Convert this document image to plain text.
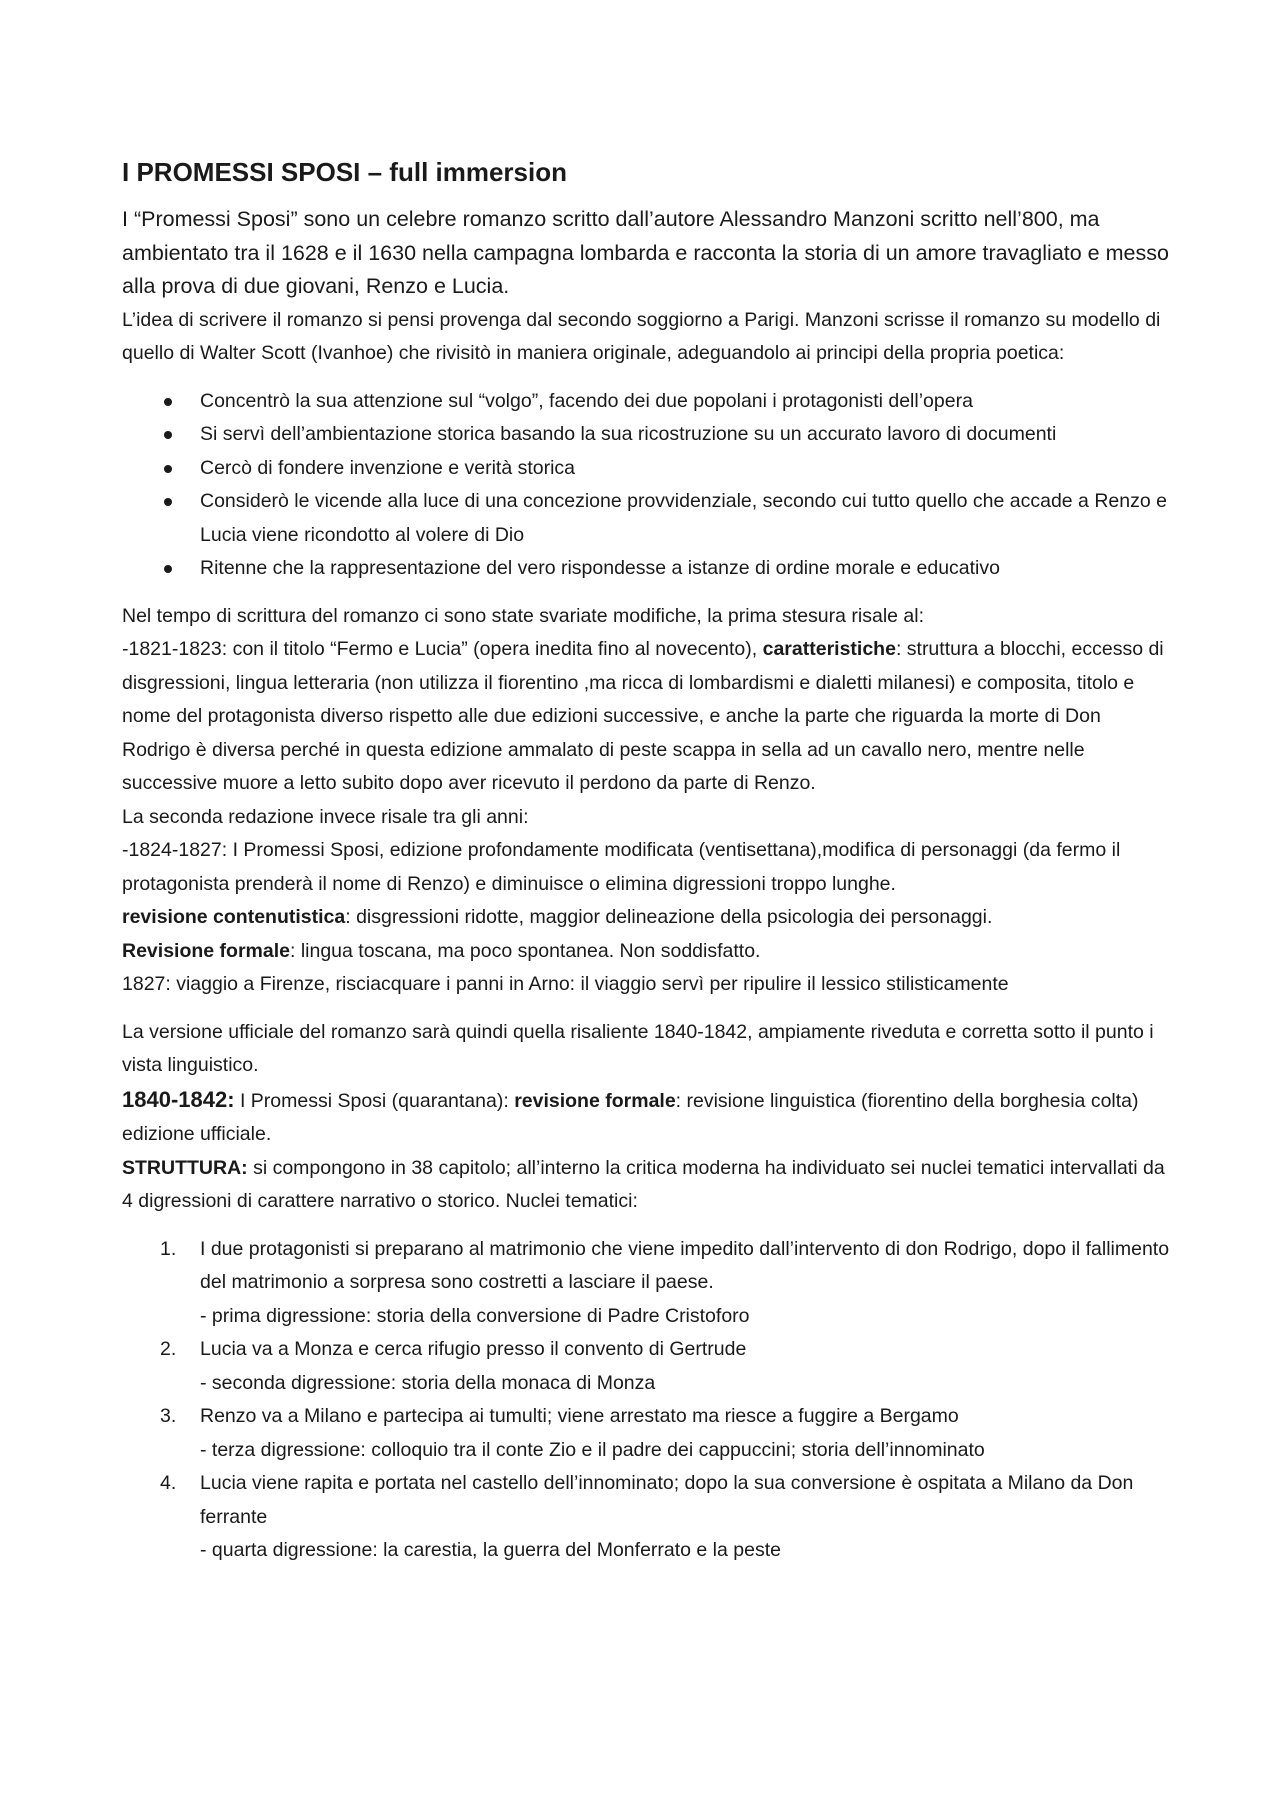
I PROMESSI SPOSI – full immersion

I “Promessi Sposi” sono un celebre romanzo scritto dall’autore Alessandro Manzoni scritto nell’800, ma ambientato tra il 1628 e il 1630 nella campagna lombarda e racconta la storia di un amore travagliato e messo alla prova di due giovani, Renzo e Lucia.

L’idea di scrivere il romanzo si pensi provenga dal secondo soggiorno a Parigi. Manzoni scrisse il romanzo su modello di quello di Walter Scott (Ivanhoe) che rivisitò in maniera originale, adeguandolo ai principi della propria poetica:

Concentrò la sua attenzione sul “volgo”, facendo dei due popolani i protagonisti dell’opera
Si servì dell’ambientazione storica basando la sua ricostruzione su un accurato lavoro di documenti
Cercò di fondere invenzione e verità storica
Considerò le vicende alla luce di una concezione provvidenziale, secondo cui tutto quello che accade a Renzo e Lucia viene ricondotto al volere di Dio
Ritenne che la rappresentazione del vero rispondesse a istanze di ordine morale e educativo

Nel tempo di scrittura del romanzo ci sono state svariate modifiche, la prima stesura risale al:

-1821-1823: con il titolo “Fermo e Lucia” (opera inedita fino al novecento), caratteristiche: struttura a blocchi, eccesso di disgressioni, lingua letteraria (non utilizza il fiorentino ,ma ricca di lombardismi e dialetti milanesi) e composita, titolo e nome del protagonista diverso rispetto alle due edizioni successive, e anche la parte che riguarda la morte di Don Rodrigo è diversa perché in questa edizione ammalato di peste scappa in sella ad un cavallo nero, mentre nelle successive muore a letto subito dopo aver ricevuto il perdono da parte di Renzo.

La seconda redazione invece risale tra gli anni:

-1824-1827: I Promessi Sposi, edizione profondamente modificata (ventisettana),modifica di personaggi (da fermo il protagonista prenderà il nome di Renzo) e diminuisce o elimina digressioni troppo lunghe.

revisione contenutistica: disgressioni ridotte, maggior delineazione della psicologia dei personaggi.

Revisione formale: lingua toscana, ma poco spontanea. Non soddisfatto.

1827: viaggio a Firenze, risciacquare i panni in Arno: il viaggio servì per ripulire il lessico stilisticamente

La versione ufficiale del romanzo sarà quindi quella risaliente 1840-1842, ampiamente riveduta e corretta sotto il punto i vista linguistico.

1840-1842: I Promessi Sposi (quarantana): revisione formale: revisione linguistica (fiorentino della borghesia colta) edizione ufficiale.

STRUTTURA: si compongono in 38 capitolo; all’interno la critica moderna ha individuato sei nuclei tematici intervallati da 4 digressioni di carattere narrativo o storico. Nuclei tematici:

1. I due protagonisti si preparano al matrimonio che viene impedito dall’intervento di don Rodrigo, dopo il fallimento del matrimonio a sorpresa sono costretti a lasciare il paese.
- prima digressione: storia della conversione di Padre Cristoforo
2. Lucia va a Monza e cerca rifugio presso il convento di Gertrude
- seconda digressione: storia della monaca di Monza
3. Renzo va a Milano e partecipa ai tumulti; viene arrestato ma riesce a fuggire a Bergamo
- terza digressione: colloquio tra il conte Zio e il padre dei cappuccini; storia dell’innominato
4. Lucia viene rapita e portata nel castello dell’innominato; dopo la sua conversione è ospitata a Milano da Don ferrante
- quarta digressione: la carestia, la guerra del Monferrato e la peste
